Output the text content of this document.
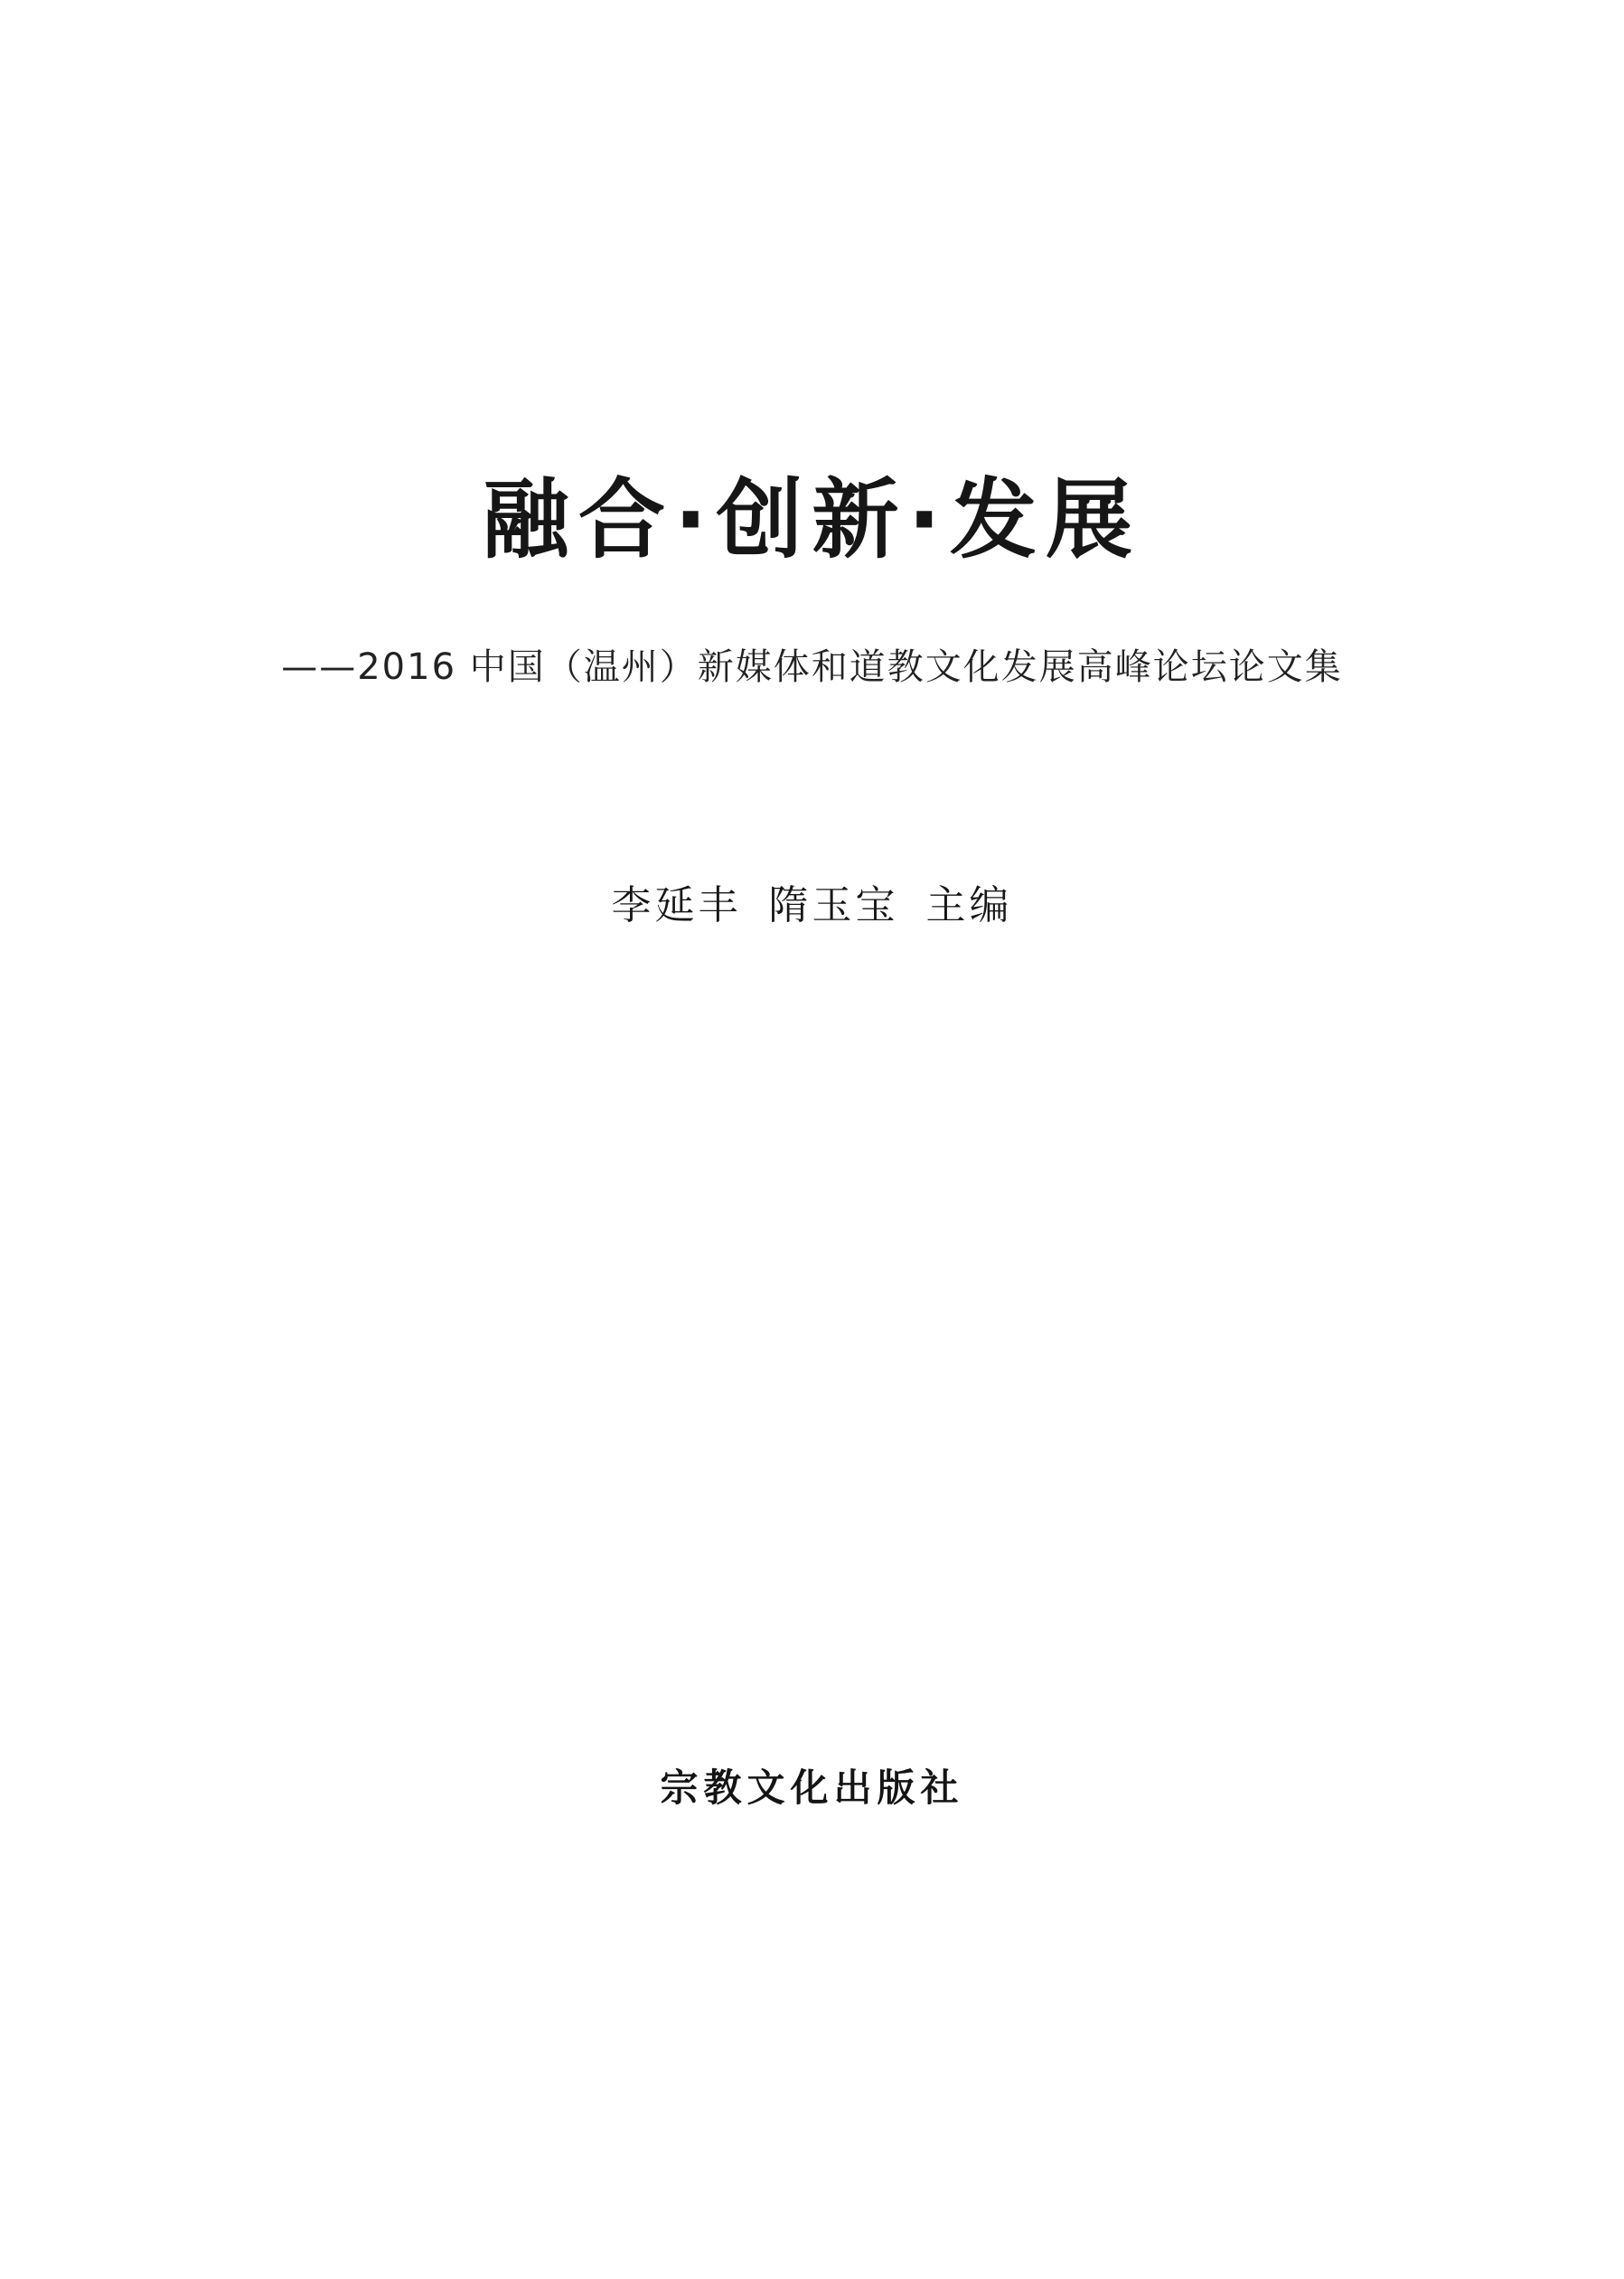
融合·创新·发展
——2016 中国（温州）新媒体和道教文化发展高峰论坛论文集
李延丰 隋玉宝 主编
宗教文化出版社
